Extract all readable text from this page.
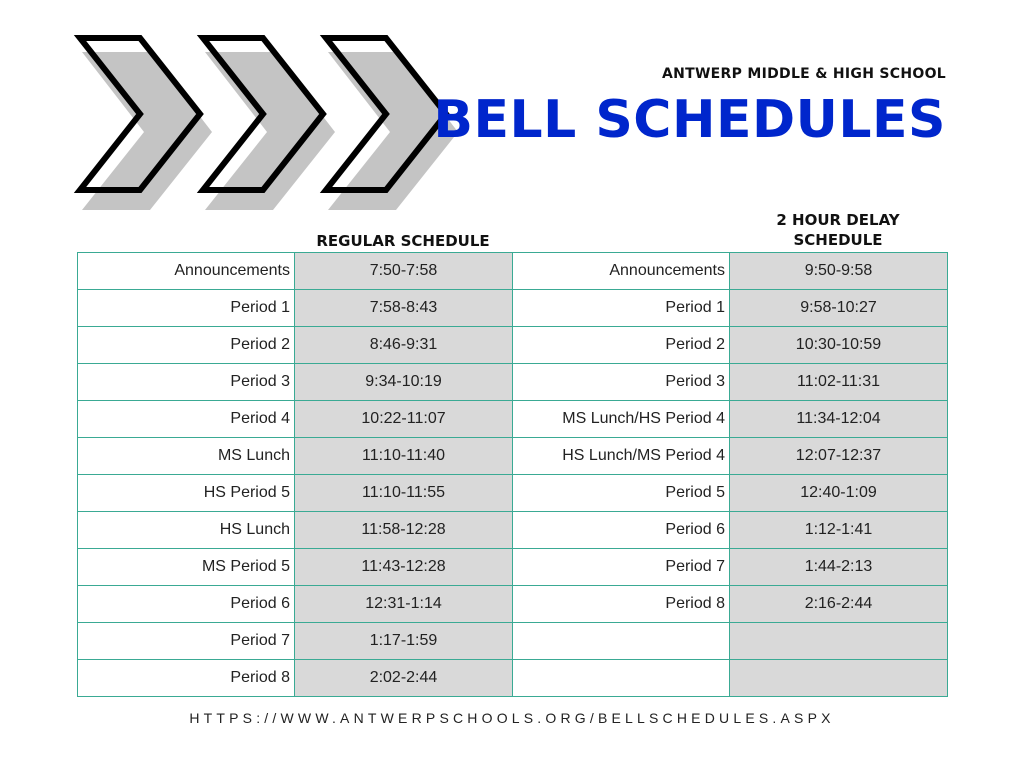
ANTWERP MIDDLE & HIGH SCHOOL
BELL SCHEDULES
REGULAR SCHEDULE
2 HOUR DELAY
SCHEDULE
Announcements	7:50-7:58	Announcements	9:50-9:58
Period 1	7:58-8:43	Period 1	9:58-10:27
Period 2	8:46-9:31	Period 2	10:30-10:59
Period 3	9:34-10:19	Period 3	11:02-11:31
Period 4	10:22-11:07	MS Lunch/HS Period 4	11:34-12:04
MS Lunch	11:10-11:40	HS Lunch/MS Period 4	12:07-12:37
HS Period 5	11:10-11:55	Period 5	12:40-1:09
HS Lunch	11:58-12:28	Period 6	1:12-1:41
MS Period 5	11:43-12:28	Period 7	1:44-2:13
Period 6	12:31-1:14	Period 8	2:16-2:44
Period 7	1:17-1:59		
Period 8	2:02-2:44		
HTTPS://WWW.ANTWERPSCHOOLS.ORG/BELLSCHEDULES.ASPX
